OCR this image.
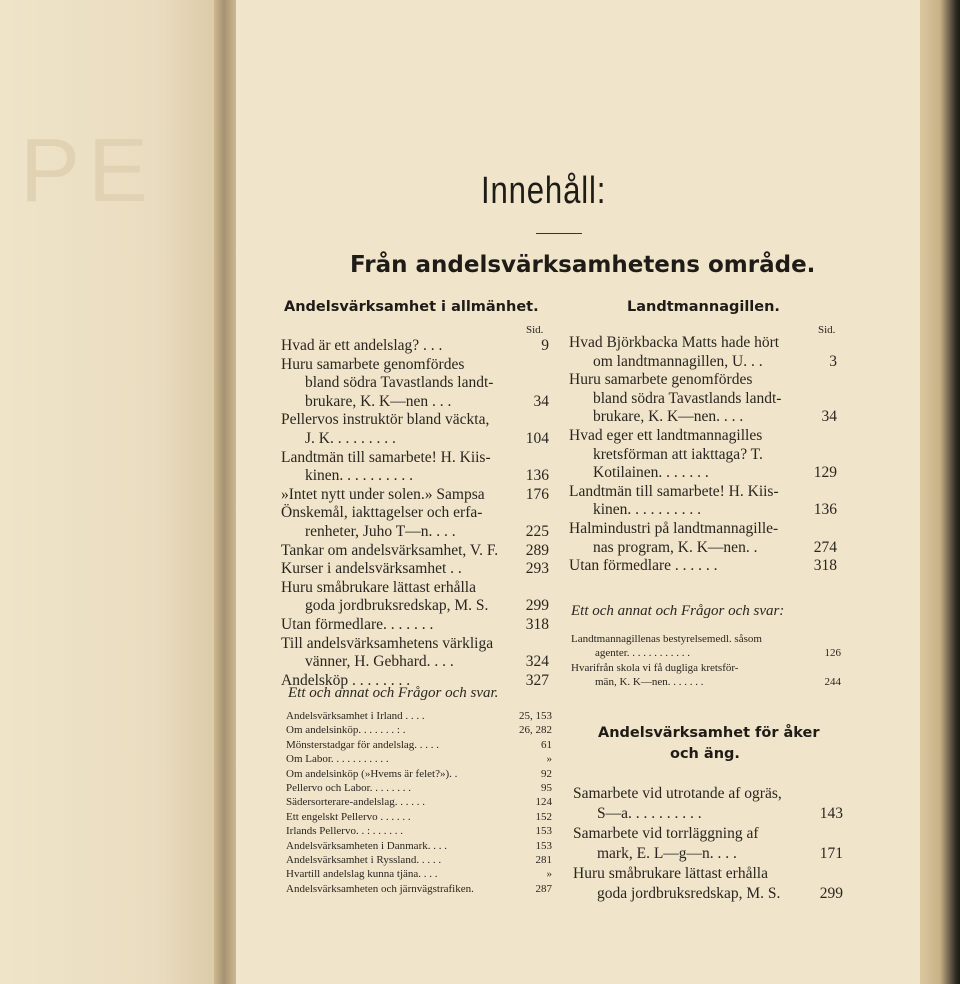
PE	Innehåll:
Från andelsvärksamhetens område.
Andelsvärksamhet i allmänhet.
Sid.
Hvad är ett andelslag? . . .	9
Huru samarbete genomfördes
bland södra Tavastlands landt-
brukare, K. K—nen . . .	34
Pellervos instruktör bland väckta,
J. K. . . . . . . . .	104
Landtmän till samarbete! H. Kiis-
kinen. . . . . . . . . .	136
»Intet nytt under solen.» Sampsa	176
Önskemål, iakttagelser och erfa-
renheter, Juho T—n. . . .	225
Tankar om andelsvärksamhet, V. F.	289
Kurser i andelsvärksamhet . .	293
Huru småbrukare lättast erhålla
goda jordbruksredskap, M. S.	299
Utan förmedlare. . . . . . .	318
Till andelsvärksamhetens värkliga
vänner, H. Gebhard. . . .	324
Andelsköp . . . . . . . .	327
Ett och annat och Frågor och svar.
Andelsvärksamhet i Irland . . . .	25, 153
Om andelsinköp. . . . . . . : .	26, 282
Mönsterstadgar för andelslag. . . . .	61
Om Labor. . . . . . . . . . .	»
Om andelsinköp (»Hvems är felet?»). .	92
Pellervo och Labor. . . . . . . .	95
Sädersorterare-andelslag. . . . . .	124
Ett engelskt Pellervo . . . . . .	152
Irlands Pellervo. . : . . . . . .	153
Andelsvärksamheten i Danmark. . . .	153
Andelsvärksamhet i Ryssland. . . . .	281
Hvartill andelslag kunna tjäna. . . .	»
Andelsvärksamheten och järnvägstrafiken.	287
Landtmannagillen.
Sid.
Hvad Björkbacka Matts hade hört
om landtmannagillen, U. . .	3
Huru samarbete genomfördes
bland södra Tavastlands landt-
brukare, K. K—nen. . . .	34
Hvad eger ett landtmannagilles
kretsförman att iakttaga? T.
Kotilainen. . . . . . .	129
Landtmän till samarbete! H. Kiis-
kinen. . . . . . . . . .	136
Halmindustri på landtmannagille-
nas program, K. K—nen. .	274
Utan förmedlare . . . . . .	318
Ett och annat och Frågor och svar:
Landtmannagillenas bestyrelsemedl. såsom
agenter. . . . . . . . . . . .	126
Hvarifrån skola vi få dugliga kretsför-
män, K. K—nen. . . . . . .	244
Andelsvärksamhet för åker
och äng.
Samarbete vid utrotande af ogräs,
S—a. . . . . . . . . .	143
Samarbete vid torrläggning af
mark, E. L—g—n. . . .	171
Huru småbrukare lättast erhålla
goda jordbruksredskap, M. S.	299
